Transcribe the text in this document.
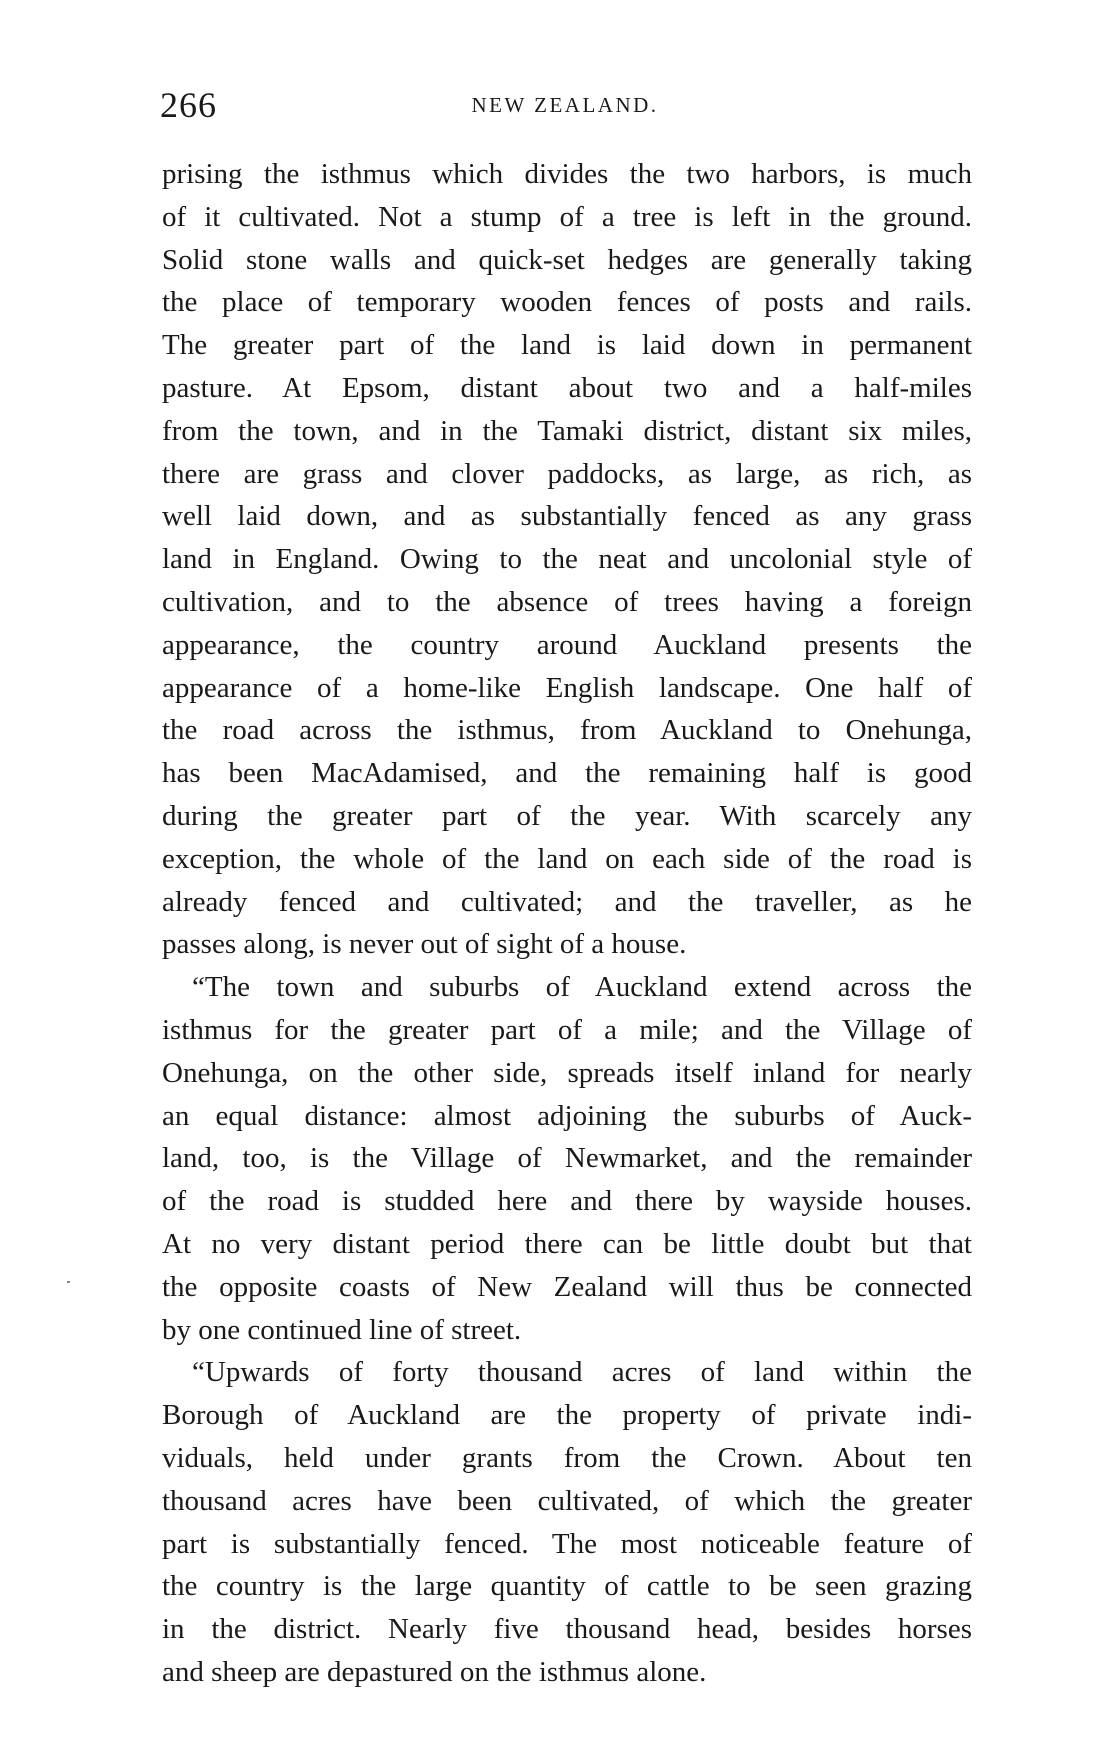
266	NEW ZEALAND.
prising the isthmus which divides the two harbors, is much
of it cultivated. Not a stump of a tree is left in the ground.
Solid stone walls and quick-set hedges are generally taking
the place of temporary wooden fences of posts and rails.
The greater part of the land is laid down in permanent
pasture. At Epsom, distant about two and a half-miles
from the town, and in the Tamaki district, distant six miles,
there are grass and clover paddocks, as large, as rich, as
well laid down, and as substantially fenced as any grass
land in England. Owing to the neat and uncolonial style of
cultivation, and to the absence of trees having a foreign
appearance, the country around Auckland presents the
appearance of a home-like English landscape. One half of
the road across the isthmus, from Auckland to Onehunga,
has been MacAdamised, and the remaining half is good
during the greater part of the year. With scarcely any
exception, the whole of the land on each side of the road is
already fenced and cultivated; and the traveller, as he
passes along, is never out of sight of a house.
“The town and suburbs of Auckland extend across the
isthmus for the greater part of a mile; and the Village of
Onehunga, on the other side, spreads itself inland for nearly
an equal distance: almost adjoining the suburbs of Auck-
land, too, is the Village of Newmarket, and the remainder
of the road is studded here and there by wayside houses.
At no very distant period there can be little doubt but that
the opposite coasts of New Zealand will thus be connected
by one continued line of street.
“Upwards of forty thousand acres of land within the
Borough of Auckland are the property of private indi-
viduals, held under grants from the Crown. About ten
thousand acres have been cultivated, of which the greater
part is substantially fenced. The most noticeable feature of
the country is the large quantity of cattle to be seen grazing
in the district. Nearly five thousand head, besides horses
and sheep are depastured on the isthmus alone.
